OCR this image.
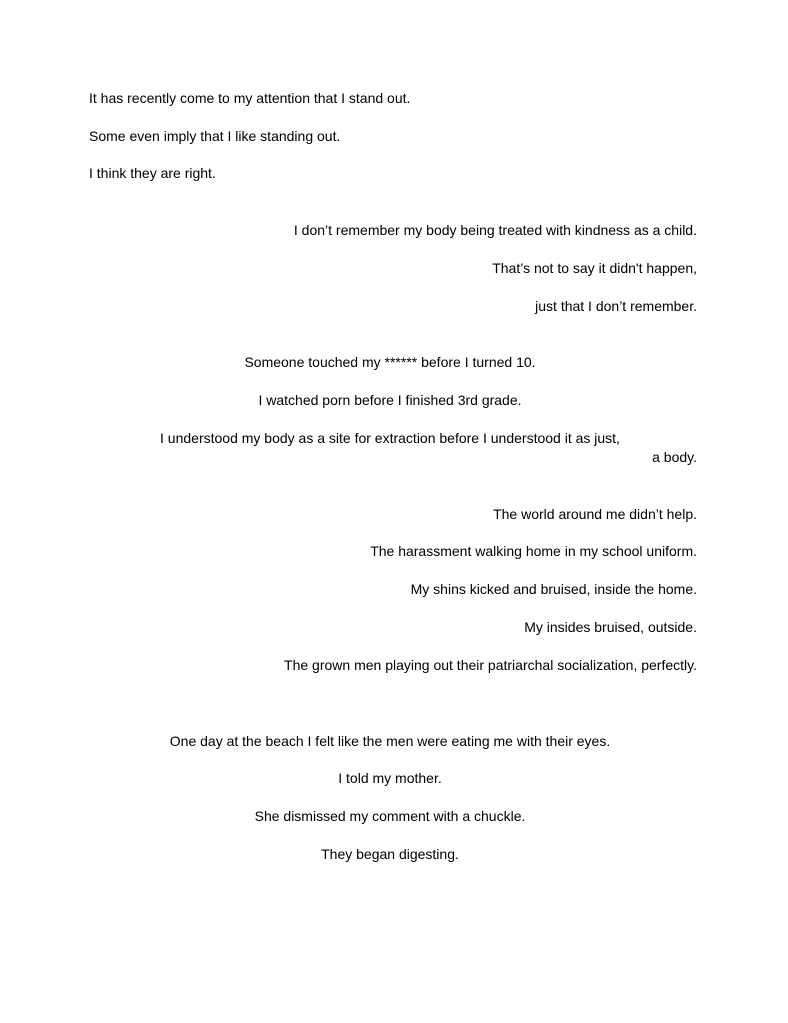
It has recently come to my attention that I stand out.
Some even imply that I like standing out.
I think they are right.
I don’t remember my body being treated with kindness as a child.
That’s not to say it didn't happen,
just that I don’t remember.
Someone touched my ****** before I turned 10.
I watched porn before I finished 3rd grade.
I understood my body as a site for extraction before I understood it as just,
a body.
The world around me didn’t help.
The harassment walking home in my school uniform.
My shins kicked and bruised, inside the home.
My insides bruised, outside.
The grown men playing out their patriarchal socialization, perfectly.
One day at the beach I felt like the men were eating me with their eyes.
I told my mother.
She dismissed my comment with a chuckle.
They began digesting.
